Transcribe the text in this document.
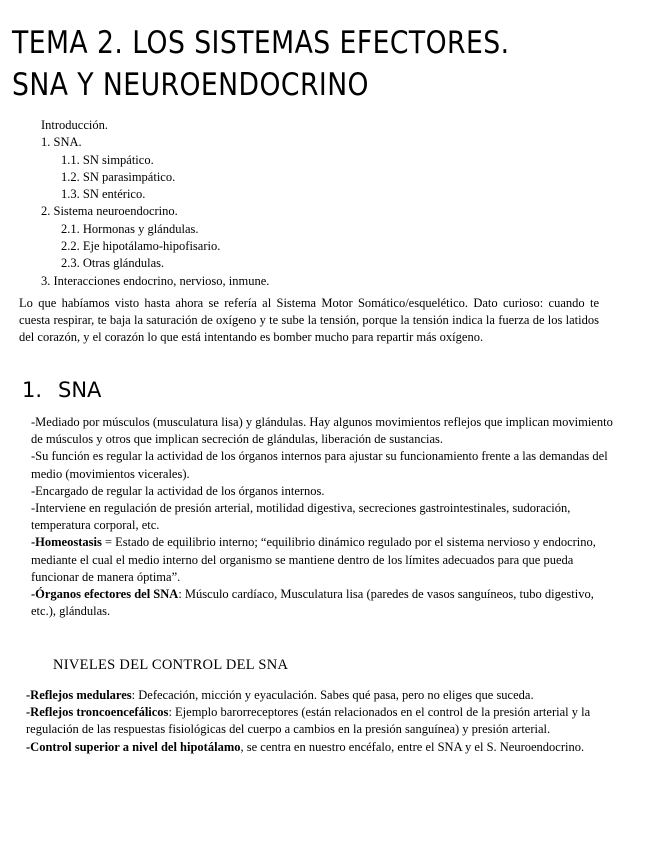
TEMA 2. LOS SISTEMAS EFECTORES. SNA Y NEUROENDOCRINO
Introducción.
1. SNA.
1.1. SN simpático.
1.2. SN parasimpático.
1.3. SN entérico.
2. Sistema neuroendocrino.
2.1. Hormonas y glándulas.
2.2. Eje hipotálamo-hipofisario.
2.3. Otras glándulas.
3. Interacciones endocrino, nervioso, inmune.

Lo que habíamos visto hasta ahora se refería al Sistema Motor Somático/esquelético. Dato curioso: cuando te cuesta respirar, te baja la saturación de oxígeno y te sube la tensión, porque la tensión indica la fuerza de los latidos del corazón, y el corazón lo que está intentando es bomber mucho para repartir más oxígeno.

1. SNA

-Mediado por músculos (musculatura lisa) y glándulas. Hay algunos movimientos reflejos que implican movimiento de músculos y otros que implican secreción de glándulas, liberación de sustancias.

-Su función es regular la actividad de los órganos internos para ajustar su funcionamiento frente a las demandas del medio (movimientos vicerales).

-Encargado de regular la actividad de los órganos internos.

-Interviene en regulación de presión arterial, motilidad digestiva, secreciones gastrointestinales, sudoración, temperatura corporal, etc.

-Homeostasis = Estado de equilibrio interno; “equilibrio dinámico regulado por el sistema nervioso y endocrino, mediante el cual el medio interno del organismo se mantiene dentro de los límites adecuados para que pueda funcionar de manera óptima”.

-Órganos efectores del SNA: Músculo cardíaco, Musculatura lisa (paredes de vasos sanguíneos, tubo digestivo, etc.), glándulas.

NIVELES DEL CONTROL DEL SNA

-Reflejos medulares: Defecación, micción y eyaculación. Sabes qué pasa, pero no eliges que suceda.

-Reflejos troncoencefálicos: Ejemplo barorreceptores (están relacionados en el control de la presión arterial y la regulación de las respuestas fisiológicas del cuerpo a cambios en la presión sanguínea) y presión arterial.

-Control superior a nivel del hipotálamo, se centra en nuestro encéfalo, entre el SNA y el S. Neuroendocrino.
